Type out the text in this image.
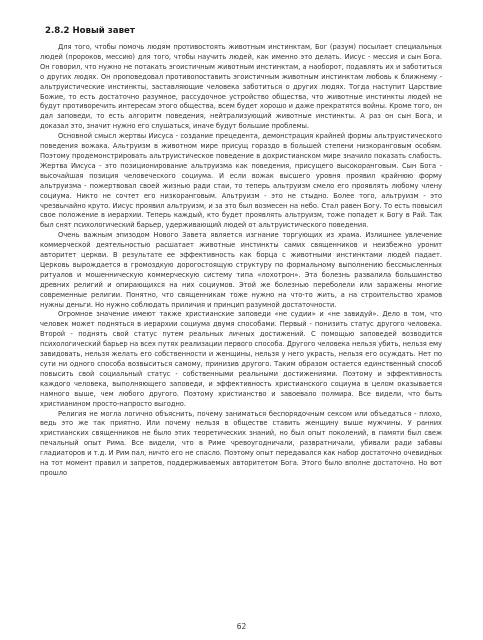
2.8.2 Новый завет

Для того, чтобы помочь людям противостоять животным инстинктам, Бог (разум) посылает специальных людей (пророков, мессию) для того, чтобы научить людей, как именно это делать. Иисус - мессия и сын Бога. Он говорил, что нужно не потакать эгоистичным животным инстинктам, а наоборот, подавлять их и заботиться о других людях. Он проповедовал противопоставить эгоистичным животным инстинктам любовь к ближнему - альтруистические инстинкты, заставляющие человека заботиться о других людях. Тогда наступит Царствие Божие, то есть достаточно разумное, рассудочное устройство общества, что животные инстинкты людей не будут противоречить интересам этого общества, всем будет хорошо и даже прекратятся войны. Кроме того, он дал заповеди, то есть алгоритм поведения, нейтрализующий животные инстинкты. А раз он сын Бога, и доказал это, значит нужно его слушаться, иначе будут большие проблемы.

Основной смысл жертвы Иисуса - создание прецедента, демонстрация крайней формы альтруистического поведения вожака. Альтруизм в животном мире присущ гораздо в большей степени низкоранговым особям. Поэтому продемонстрировать альтруистическое поведение в дохристианском мире значило показать слабость. Жертва Иисуса - это позиционирование альтруизма как поведения, присущего высокоранговым. Сын Бога - высочайшая позиция человеческого социума. И если вожак высшего уровня проявил крайнюю форму альтруизма - пожертвовал своей жизнью ради стаи, то теперь альтруизм смело его проявлять любому члену социума. Никто не сочтет его низкоранговым. Альтруизм - это не стыдно. Более того, альтруизм - это чрезвычайно круто. Иисус проявил альтруизм, и за это был возмесен на небо. Стал равен Богу. То есть повысил свое положение в иерархии. Теперь каждый, кто будет проявлять альтруизм, тоже попадет к Богу в Рай. Так был снят психологический барьер, удерживающий людей от альтруистического поведения.

Очень важным эпизодом Нового Завета является изгнание торгующих из храма. Излишнее увлечение коммерческой деятельностью расшатает животные инстинкты самих священников и неизбежно уронит авторитет церкви. В результате ее эффективность как борца с животными инстинктами людей падает. Церковь вырождается в громоздкую дорогостоящую структуру по формальному выполнению бессмысленных ритуалов и мошенническую коммерческую систему типа «лохотрон». Эта болезнь развалила большинство древних религий и опирающихся на них социумов. Этой же болезнью переболели или заражены многие современные религии. Понятно, что священникам тоже нужно на что-то жить, а на строительство храмов нужны деньги. Но нужно соблюдать приличия и принцип разумной достаточности.

Огромное значение имеют также христианские заповеди «не судии» и «не завидуй». Дело в том, что человек может подняться в иерархии социума двумя способами. Первый - понизить статус другого человека. Второй - поднять свой статус путем реальных личных достижений. С помощью заповедей возводится психологический барьер на всех путях реализации первого способа. Другого человека нельзя убить, нельзя ему завидовать, нельзя желать его собственности и женщины, нельзя у него украсть, нельзя его осуждать. Нет по сути ни одного способа возвыситься самому, принизив другого. Таким образом остается единственный способ повысить свой социальный статус - собственными реальными достижениями. Поэтому и эффективность каждого человека, выполняющего заповеди, и эффективность христианского социума в целом оказывается намного выше, чем любого другого. Поэтому христианство и завоевало полмира. Все видели, что быть христианином просто-напросто выгодно.

Религия не могла логично объяснить, почему заниматься беспорядочным сексом или объедаться - плохо, ведь это же так приятно. Или почему нельзя в обществе ставить женщину выше мужчины. У ранних христианских священников не было этих теоретических знаний, но был опыт поколений, в памяти был свеж печальный опыт Рима. Все видели, что в Риме чревоугодничали, развратничали, убивали ради забавы гладиаторов и т.д. И Рим пал, ничто его не спасло. Поэтому опыт передавался как набор достаточно очевидных на тот момент правил и запретов, поддерживаемых авторитетом Бога. Этого было вполне достаточно. Но вот прошло

62
